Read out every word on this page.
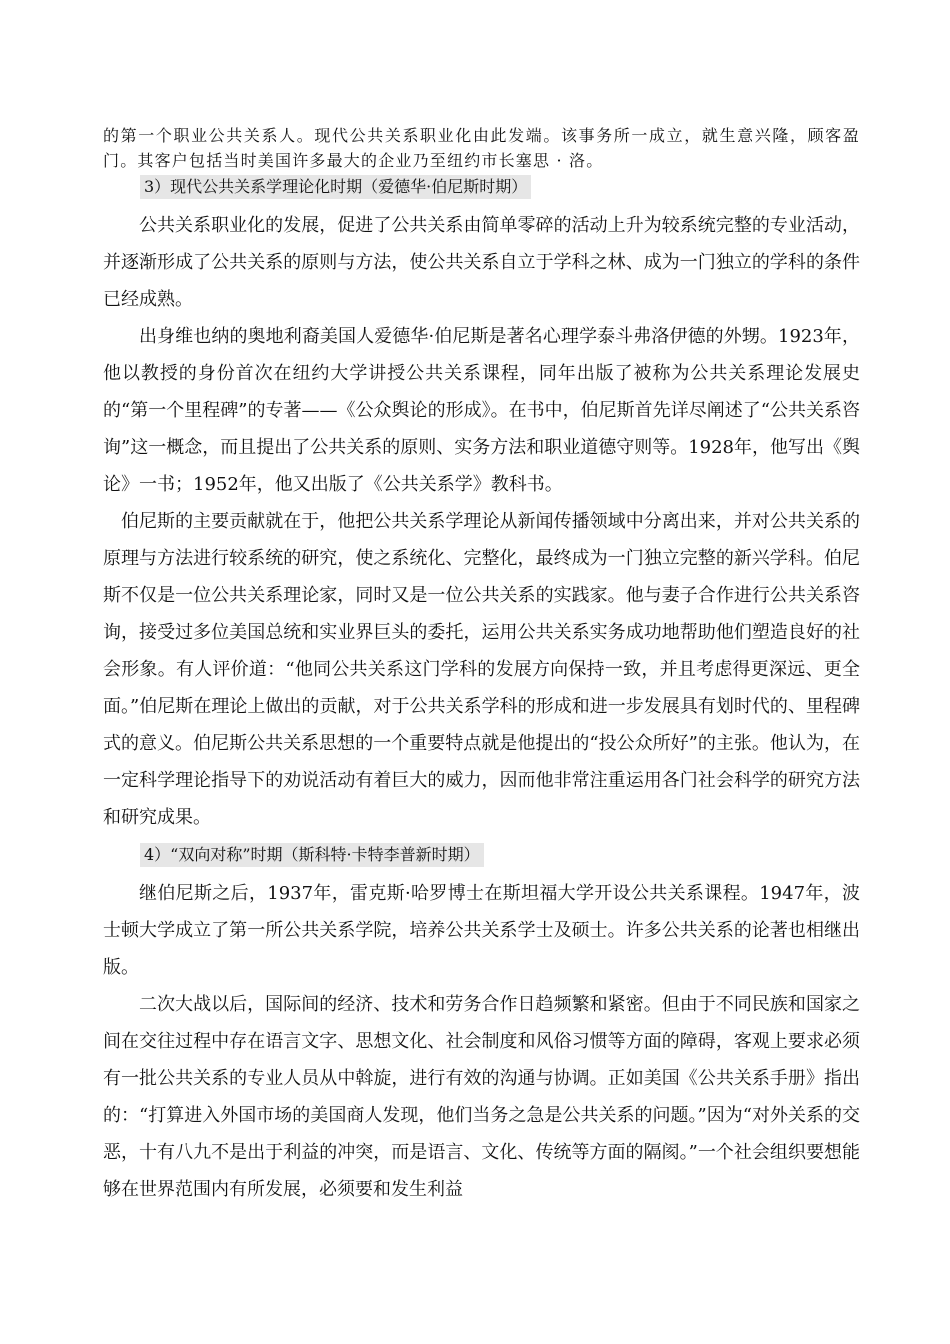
的第一个职业公共关系人。现代公共关系职业化由此发端。该事务所一成立，就生意兴隆，顾客盈门。其客户包括当时美国许多最大的企业乃至纽约市长塞思 · 洛。
3）现代公共关系学理论化时期（爱德华·伯尼斯时期）

公共关系职业化的发展，促进了公共关系由简单零碎的活动上升为较系统完整的专业活动，并逐渐形成了公共关系的原则与方法，使公共关系自立于学科之林、成为一门独立的学科的条件已经成熟。

出身维也纳的奥地利裔美国人爱德华·伯尼斯是著名心理学泰斗弗洛伊德的外甥。1923年，他以教授的身份首次在纽约大学讲授公共关系课程，同年出版了被称为公共关系理论发展史的“第一个里程碑”的专著——《公众舆论的形成》。在书中，伯尼斯首先详尽阐述了“公共关系咨询”这一概念，而且提出了公共关系的原则、实务方法和职业道德守则等。1928年，他写出《舆论》一书；1952年，他又出版了《公共关系学》教科书。

伯尼斯的主要贡献就在于，他把公共关系学理论从新闻传播领域中分离出来，并对公共关系的原理与方法进行较系统的研究，使之系统化、完整化，最终成为一门独立完整的新兴学科。伯尼斯不仅是一位公共关系理论家，同时又是一位公共关系的实践家。他与妻子合作进行公共关系咨询，接受过多位美国总统和实业界巨头的委托，运用公共关系实务成功地帮助他们塑造良好的社会形象。有人评价道：“他同公共关系这门学科的发展方向保持一致，并且考虑得更深远、更全面。”伯尼斯在理论上做出的贡献，对于公共关系学科的形成和进一步发展具有划时代的、里程碑式的意义。伯尼斯公共关系思想的一个重要特点就是他提出的“投公众所好”的主张。他认为，在一定科学理论指导下的劝说活动有着巨大的威力，因而他非常注重运用各门社会科学的研究方法和研究成果。

4）“双向对称”时期（斯科特·卡特李普新时期）

继伯尼斯之后，1937年，雷克斯·哈罗博士在斯坦福大学开设公共关系课程。1947年，波士顿大学成立了第一所公共关系学院，培养公共关系学士及硕士。许多公共关系的论著也相继出版。

二次大战以后，国际间的经济、技术和劳务合作日趋频繁和紧密。但由于不同民族和国家之间在交往过程中存在语言文字、思想文化、社会制度和风俗习惯等方面的障碍，客观上要求必须有一批公共关系的专业人员从中斡旋，进行有效的沟通与协调。正如美国《公共关系手册》指出的：“打算进入外国市场的美国商人发现，他们当务之急是公共关系的问题。”因为“对外关系的交恶，十有八九不是出于利益的冲突，而是语言、文化、传统等方面的隔阂。”一个社会组织要想能够在世界范围内有所发展，必须要和发生利益
